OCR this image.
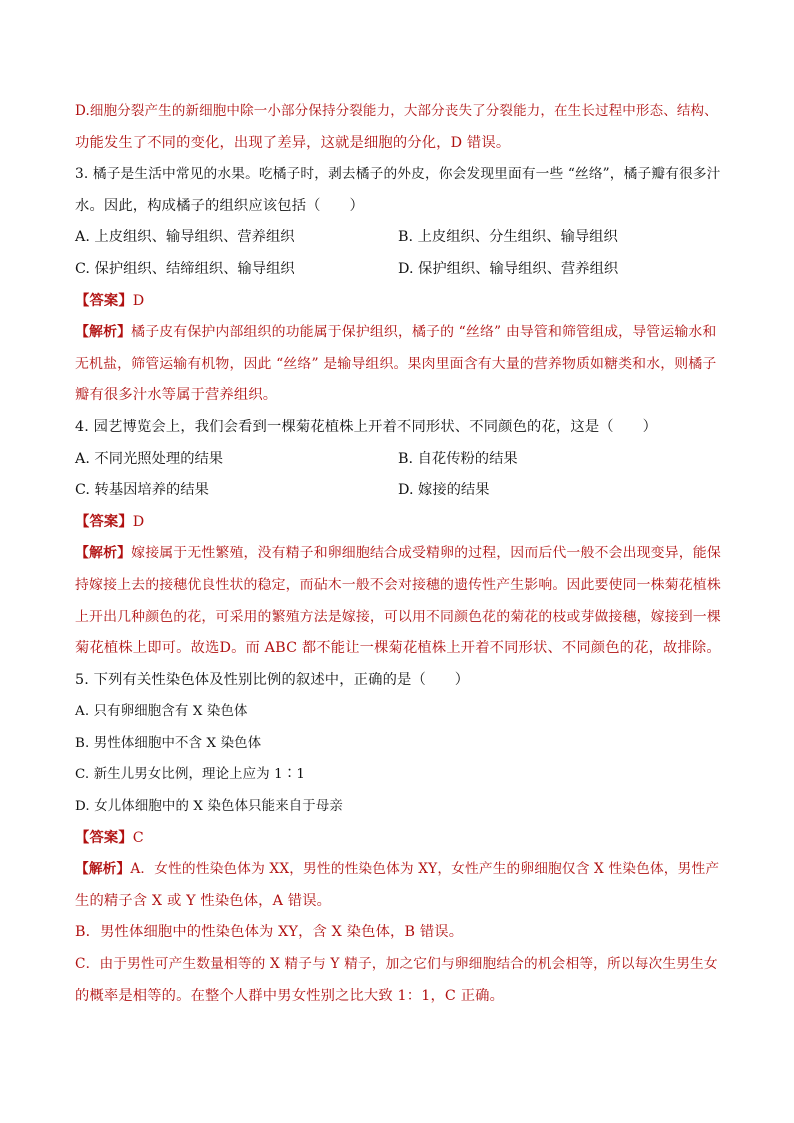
D.细胞分裂产生的新细胞中除一小部分保持分裂能力，大部分丧失了分裂能力，在生长过程中形态、结构、
功能发生了不同的变化，出现了差异，这就是细胞的分化，D 错误。
3. 橘子是生活中常见的水果。吃橘子时，剥去橘子的外皮，你会发现里面有一些 “丝络”，橘子瓣有很多汁
水。因此，构成橘子的组织应该包括（　　）
A. 上皮组织、输导组织、营养组织	B. 上皮组织、分生组织、输导组织
C. 保护组织、结缔组织、输导组织	D. 保护组织、输导组织、营养组织
【答案】D
【解析】橘子皮有保护内部组织的功能属于保护组织，橘子的 “丝络” 由导管和筛管组成，导管运输水和
无机盐，筛管运输有机物，因此 “丝络” 是输导组织。果肉里面含有大量的营养物质如糖类和水，则橘子
瓣有很多汁水等属于营养组织。
4. 园艺博览会上，我们会看到一棵菊花植株上开着不同形状、不同颜色的花，这是（　　）
A. 不同光照处理的结果	B. 自花传粉的结果
C. 转基因培养的结果	D. 嫁接的结果
【答案】D
【解析】嫁接属于无性繁殖，没有精子和卵细胞结合成受精卵的过程，因而后代一般不会出现变异，能保
持嫁接上去的接穗优良性状的稳定，而砧木一般不会对接穗的遗传性产生影响。因此要使同一株菊花植株
上开出几种颜色的花，可采用的繁殖方法是嫁接，可以用不同颜色花的菊花的枝或芽做接穗，嫁接到一棵
菊花植株上即可。故选D。而 ABC 都不能让一棵菊花植株上开着不同形状、不同颜色的花，故排除。
5. 下列有关性染色体及性别比例的叙述中，正确的是（　　）
A. 只有卵细胞含有 X 染色体
B. 男性体细胞中不含 X 染色体
C. 新生儿男女比例，理论上应为 1∶1
D. 女儿体细胞中的 X 染色体只能来自于母亲
【答案】C
【解析】A．女性的性染色体为 XX，男性的性染色体为 XY，女性产生的卵细胞仅含 X 性染色体，男性产
生的精子含 X 或 Y 性染色体，A 错误。
B．男性体细胞中的性染色体为 XY，含 X 染色体，B 错误。
C．由于男性可产生数量相等的 X 精子与 Y 精子，加之它们与卵细胞结合的机会相等，所以每次生男生女
的概率是相等的。在整个人群中男女性别之比大致 1：1，C 正确。
